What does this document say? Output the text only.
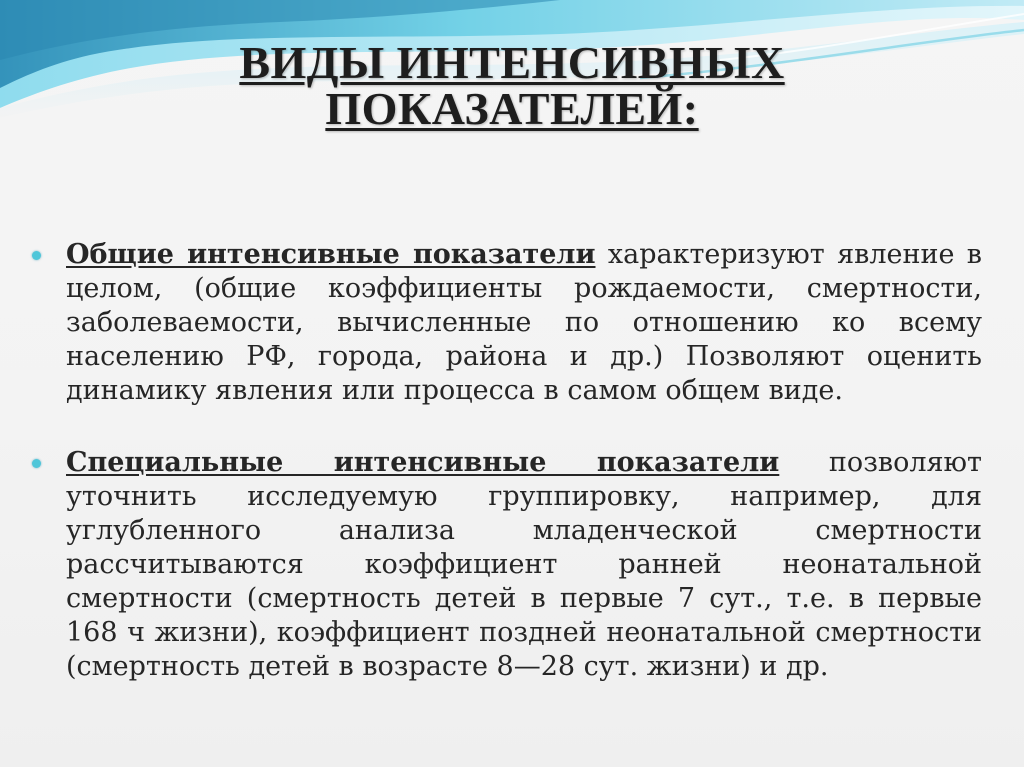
ВИДЫ ИНТЕНСИВНЫХ
ПОКАЗАТЕЛЕЙ:

Общие интенсивные показатели характеризуют явление в целом, (общие коэффициенты рождаемости, смертности, заболеваемости, вычисленные по отношению ко всему населению РФ, города, района и др.) Позволяют оценить динамику явления или процесса в самом общем виде.

Специальные интенсивные показатели позволяют уточнить исследуемую группировку, например, для углубленного анализа младенческой смертности рассчитываются коэффициент ранней неонатальной смертности (смертность детей в первые 7 сут., т.е. в первые 168 ч жизни), коэффициент поздней неонатальной смертности (смертность детей в возрасте 8—28 сут. жизни) и др.
